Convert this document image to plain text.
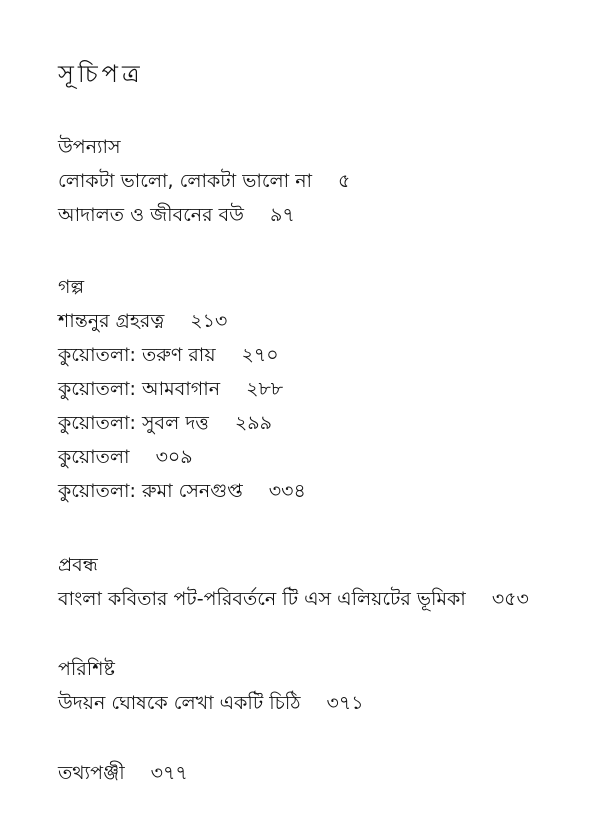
সূচিপত্র
উপন্যাস
লোকটা ভালো, লোকটা ভালো না ৫
আদালত ও জীবনের বউ ৯৭
গল্প
শান্তনুর গ্রহরত্ন ২১৩
কুয়োতলা: তরুণ রায় ২৭০
কুয়োতলা: আমবাগান ২৮৮
কুয়োতলা: সুবল দত্ত ২৯৯
কুয়োতলা ৩০৯
কুয়োতলা: রুমা সেনগুপ্ত ৩৩৪
প্রবন্ধ
বাংলা কবিতার পট-পরিবর্তনে টি এস এলিয়টের ভূমিকা ৩৫৩
পরিশিষ্ট
উদয়ন ঘোষকে লেখা একটি চিঠি ৩৭১
তথ্যপঞ্জী ৩৭৭
